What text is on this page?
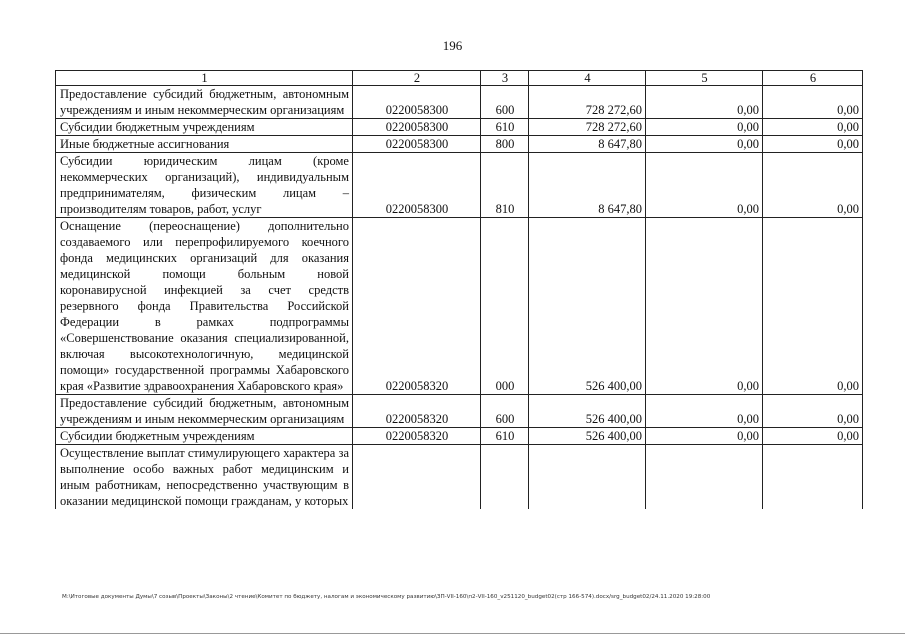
196
1	2	3	4	5	6
Предоставление субсидий бюджетным, автономным учреждениям и иным некоммерческим организациям	0220058300	600	728 272,60	0,00	0,00
Субсидии бюджетным учреждениям	0220058300	610	728 272,60	0,00	0,00
Иные бюджетные ассигнования	0220058300	800	8 647,80	0,00	0,00
Субсидии юридическим лицам (кроме некоммерческих организаций), индивидуальным предпринимателям, физическим лицам – производителям товаров, работ, услуг	0220058300	810	8 647,80	0,00	0,00
Оснащение (переоснащение) дополнительно создаваемого или перепрофилируемого коечного фонда медицинских организаций для оказания медицинской помощи больным новой коронавирусной инфекцией за счет средств резервного фонда Правительства Российской Федерации в рамках подпрограммы «Совершенствование оказания специализированной, включая высокотехнологичную, медицинской помощи» государственной программы Хабаровского края «Развитие здравоохранения Хабаровского края»	0220058320	000	526 400,00	0,00	0,00
Предоставление субсидий бюджетным, автономным учреждениям и иным некоммерческим организациям	0220058320	600	526 400,00	0,00	0,00
Субсидии бюджетным учреждениям	0220058320	610	526 400,00	0,00	0,00
Осуществление выплат стимулирующего характера за выполнение особо важных работ медицинским и иным работникам, непосредственно участвующим в оказании медицинской помощи гражданам, у которых					
M:\Итоговые документы Думы\7 созыв\Проекты\Законы\2 чтение\Комитет по бюджету, налогам и экономическому развитию\ЗП-VII-160\п2-VII-160_v251120_budget02(стр 166-574).docx/srg_budget02/24.11.2020 19:28:00
